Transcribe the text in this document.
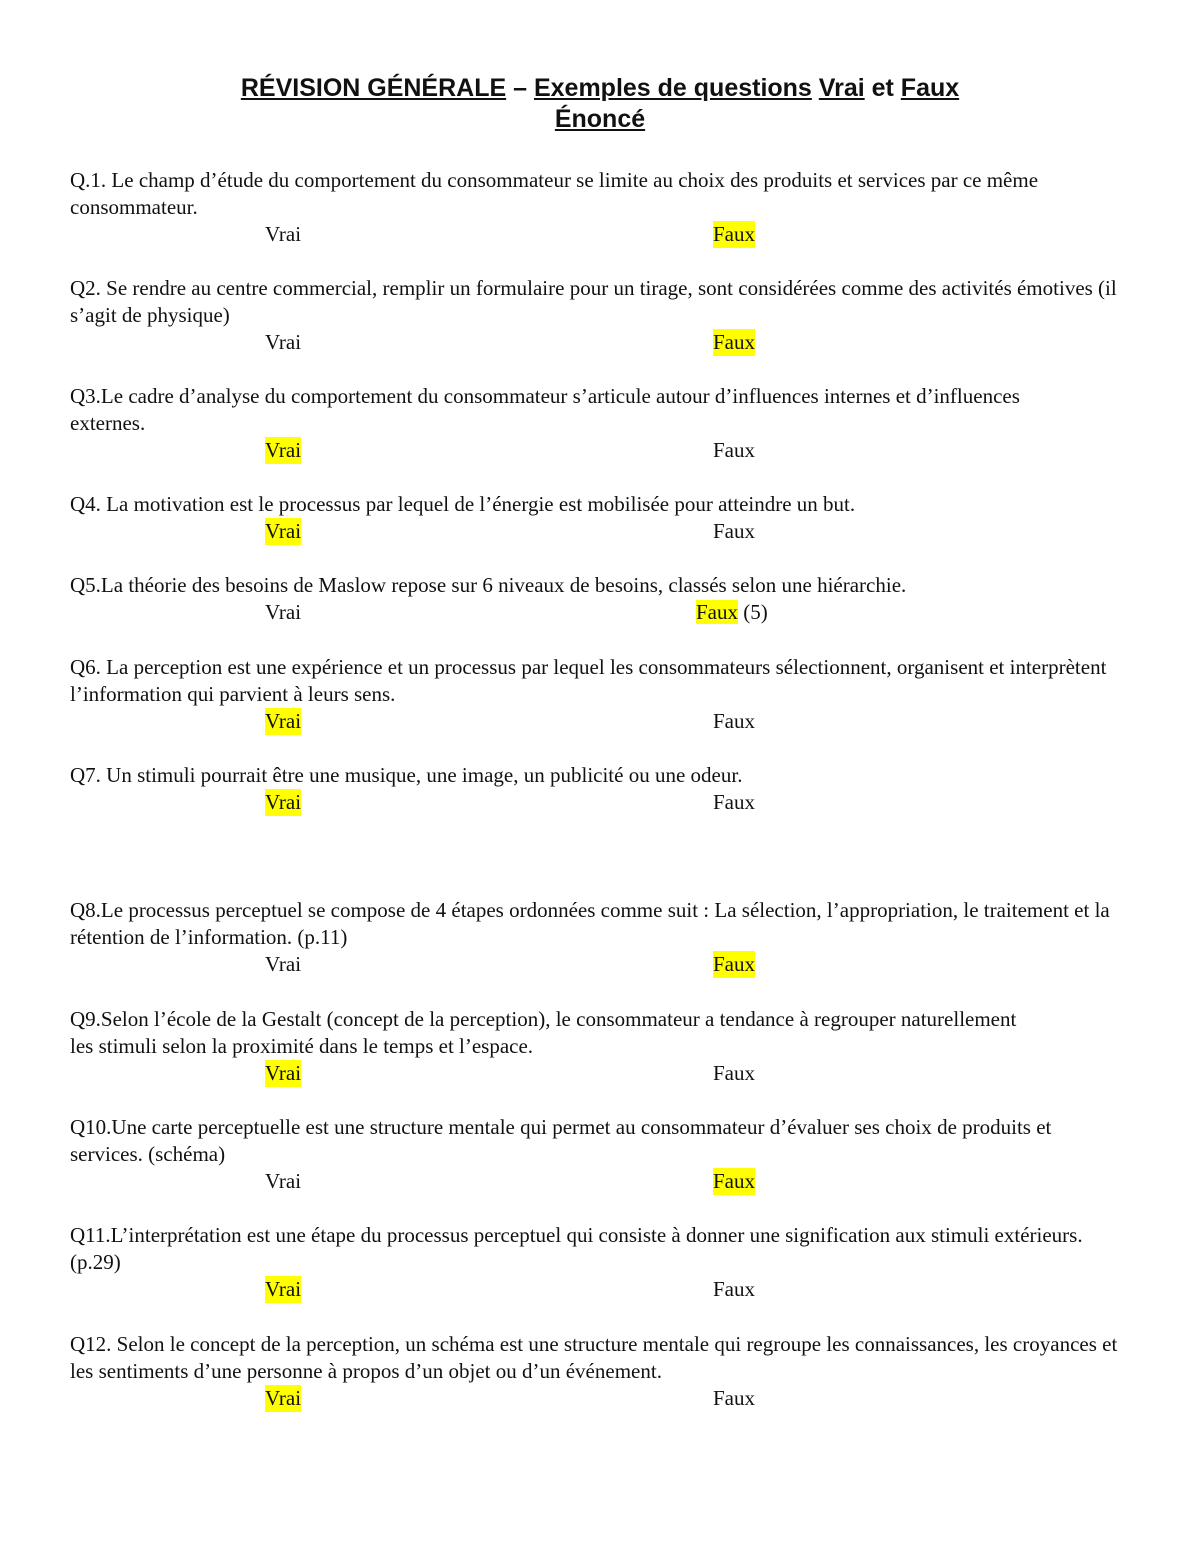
RÉVISION GÉNÉRALE – Exemples de questions Vrai et Faux
Énoncé
Q.1. Le champ d’étude du comportement du consommateur se limite au choix des produits et services par ce même consommateur.
Vrai	Faux
Q2. Se rendre au centre commercial, remplir un formulaire pour un tirage, sont considérées comme des activités émotives (il s’agit de physique)
Vrai	Faux
Q3.Le cadre d’analyse du comportement du consommateur s’articule autour d’influences internes et d’influences externes.
Vrai	Faux
Q4. La motivation est le processus par lequel de l’énergie est mobilisée pour atteindre un but.
Vrai	Faux
Q5.La théorie des besoins de Maslow repose sur 6 niveaux de besoins, classés selon une hiérarchie.
Vrai	Faux (5)
Q6. La perception est une expérience et un processus par lequel les consommateurs sélectionnent, organisent et interprètent l’information qui parvient à leurs sens.
Vrai	Faux
Q7. Un stimuli pourrait être une musique, une image, un publicité ou une odeur.
Vrai	Faux
Q8.Le processus perceptuel se compose de 4 étapes ordonnées comme suit : La sélection, l’appropriation, le traitement et la rétention de l’information. (p.11)
Vrai	Faux
Q9.Selon l’école de la Gestalt (concept de la perception), le consommateur a tendance à regrouper naturellement les stimuli selon la proximité dans le temps et l’espace.
Vrai	Faux
Q10.Une carte perceptuelle est une structure mentale qui permet au consommateur d’évaluer ses choix de produits et services. (schéma)
Vrai	Faux
Q11.L’interprétation est une étape du processus perceptuel qui consiste à donner une signification aux stimuli extérieurs. (p.29)
Vrai	Faux
Q12. Selon le concept de la perception, un schéma est une structure mentale qui regroupe les connaissances, les croyances et les sentiments d’une personne à propos d’un objet ou d’un événement.
Vrai	Faux
